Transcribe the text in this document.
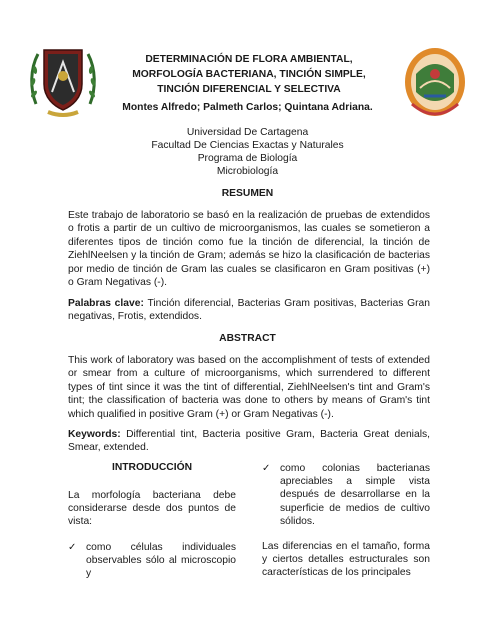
DETERMINACIÓN DE FLORA AMBIENTAL, MORFOLOGÍA BACTERIANA, TINCIÓN SIMPLE, TINCIÓN DIFERENCIAL Y SELECTIVA
Montes Alfredo; Palmeth Carlos; Quintana Adriana.
Universidad De Cartagena
Facultad De Ciencias Exactas y Naturales
Programa de Biología
Microbiología
RESUMEN

Este trabajo de laboratorio se basó en la realización de pruebas de extendidos o frotis a partir de un cultivo de microorganismos, las cuales se sometieron a diferentes tipos de tinción como fue la tinción de diferencial, la tinción de ZiehlNeelsen y la tinción de Gram; además se hizo la clasificación de bacterias por medio de tinción de Gram las cuales se clasificaron en Gram positivas (+) o Gram Negativas (-).

Palabras clave: Tinción diferencial, Bacterias Gram positivas, Bacterias Gran negativas, Frotis, extendidos.

ABSTRACT

This work of laboratory was based on the accomplishment of tests of extended or smear from a culture of microorganisms, which surrendered to different types of tint since it was the tint of differential, ZiehlNeelsen's tint and Gram's tint; the classification of bacteria was done to others by means of Gram's tint which qualified in positive Gram (+) or Gram Negativas (-).

Keywords: Differential tint, Bacteria positive Gram, Bacteria Great denials, Smear, extended.

INTRODUCCIÓN

La morfología bacteriana debe considerarse desde dos puntos de vista:

✓ como células individuales observables sólo al microscopio y
✓ como colonias bacterianas apreciables a simple vista después de desarrollarse en la superficie de medios de cultivo sólidos.

Las diferencias en el tamaño, forma y ciertos detalles estructurales son características de los principales
